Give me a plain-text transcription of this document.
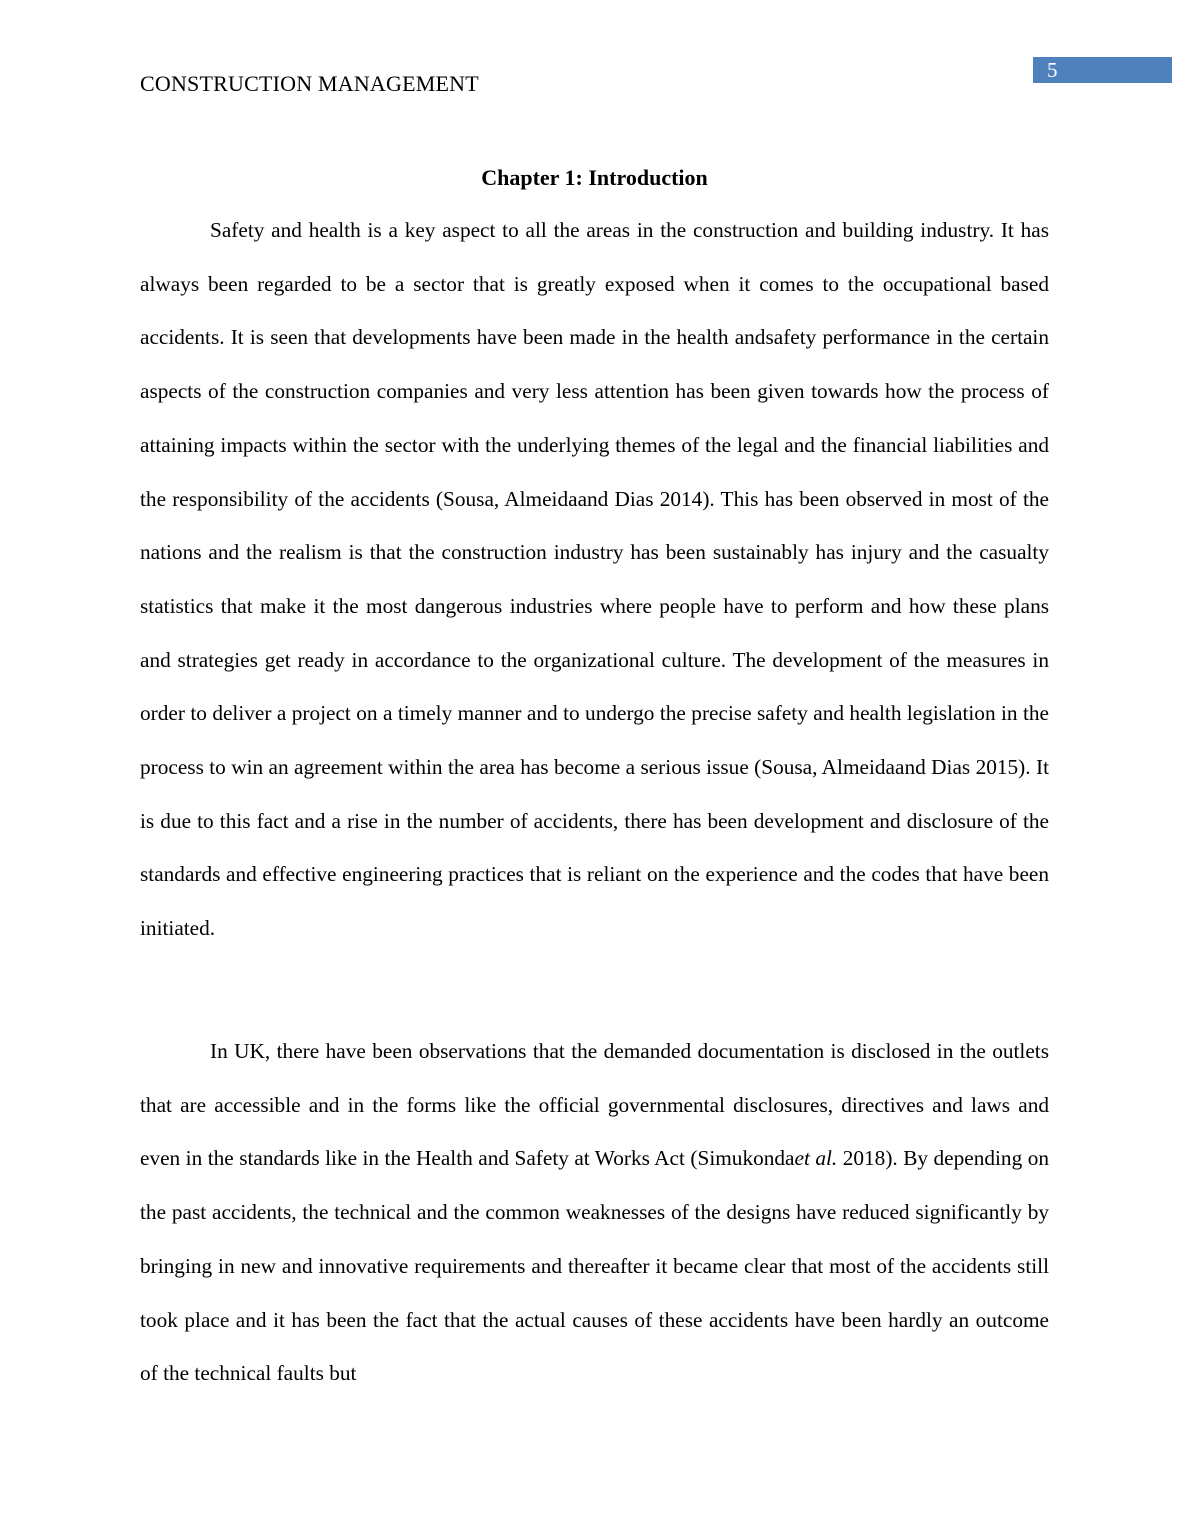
5
CONSTRUCTION MANAGEMENT
Chapter 1: Introduction

Safety and health is a key aspect to all the areas in the construction and building industry. It has always been regarded to be a sector that is greatly exposed when it comes to the occupational based accidents. It is seen that developments have been made in the health andsafety performance in the certain aspects of the construction companies and very less attention has been given towards how the process of attaining impacts within the sector with the underlying themes of the legal and the financial liabilities and the responsibility of the accidents (Sousa, Almeidaand Dias 2014). This has been observed in most of the nations and the realism is that the construction industry has been sustainably has injury and the casualty statistics that make it the most dangerous industries where people have to perform and how these plans and strategies get ready in accordance to the organizational culture. The development of the measures in order to deliver a project on a timely manner and to undergo the precise safety and health legislation in the process to win an agreement within the area has become a serious issue (Sousa, Almeidaand Dias 2015). It is due to this fact and a rise in the number of accidents, there has been development and disclosure of the standards and effective engineering practices that is reliant on the experience and the codes that have been initiated.

In UK, there have been observations that the demanded documentation is disclosed in the outlets that are accessible and in the forms like the official governmental disclosures, directives and laws and even in the standards like in the Health and Safety at Works Act (Simukondaet al. 2018). By depending on the past accidents, the technical and the common weaknesses of the designs have reduced significantly by bringing in new and innovative requirements and thereafter it became clear that most of the accidents still took place and it has been the fact that the actual causes of these accidents have been hardly an outcome of the technical faults but
